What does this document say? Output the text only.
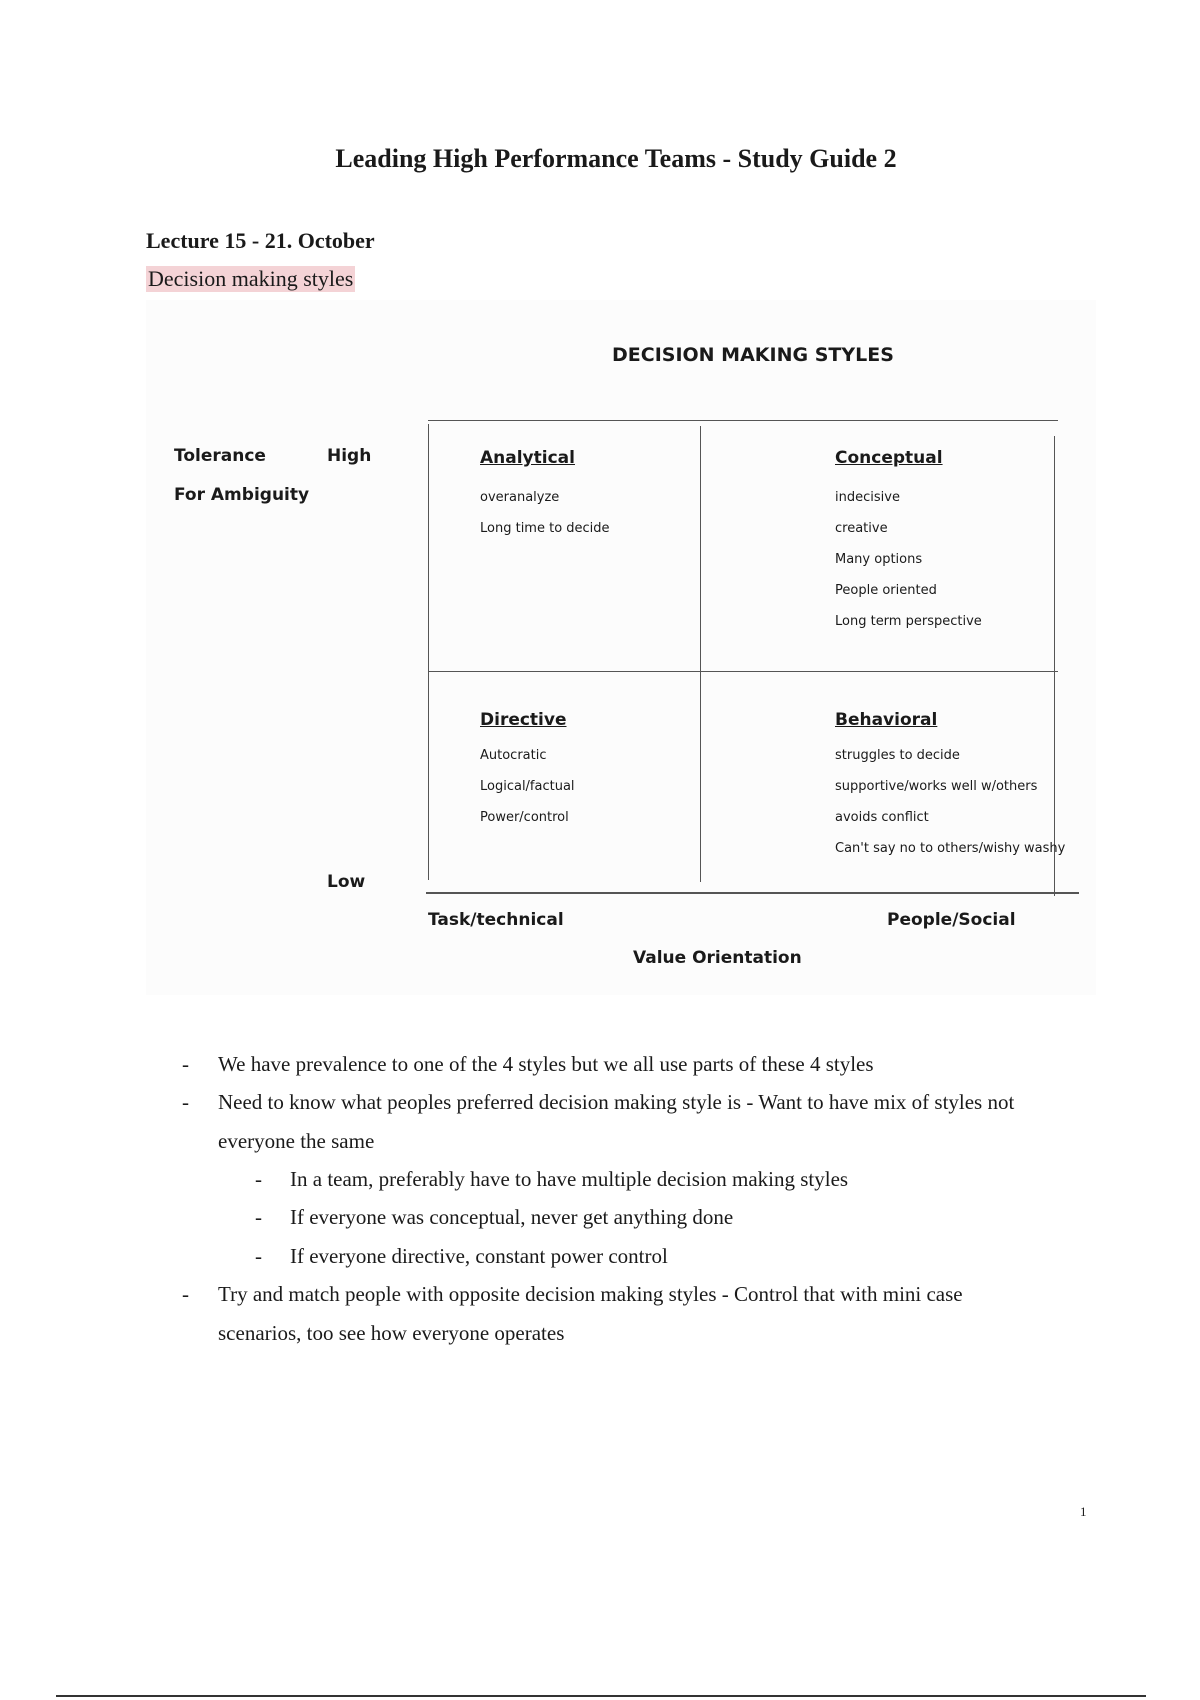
Leading High Performance Teams - Study Guide 2
Lecture 15 - 21. October
Decision making styles
DECISION MAKING STYLES
Tolerance
For Ambiguity
High
Low
Analytical
overanalyze
Long time to decide
Conceptual
indecisive
creative
Many options
People oriented
Long term perspective
Directive
Autocratic
Logical/factual
Power/control
Behavioral
struggles to decide
supportive/works well w/others
avoids conflict
Can't say no to others/wishy washy
Task/technical	People/Social
Value Orientation
- We have prevalence to one of the 4 styles but we all use parts of these 4 styles
- Need to know what peoples preferred decision making style is - Want to have mix of styles not
everyone the same
- In a team, preferably have to have multiple decision making styles
- If everyone was conceptual, never get anything done
- If everyone directive, constant power control
- Try and match people with opposite decision making styles - Control that with mini case
scenarios, too see how everyone operates
1
